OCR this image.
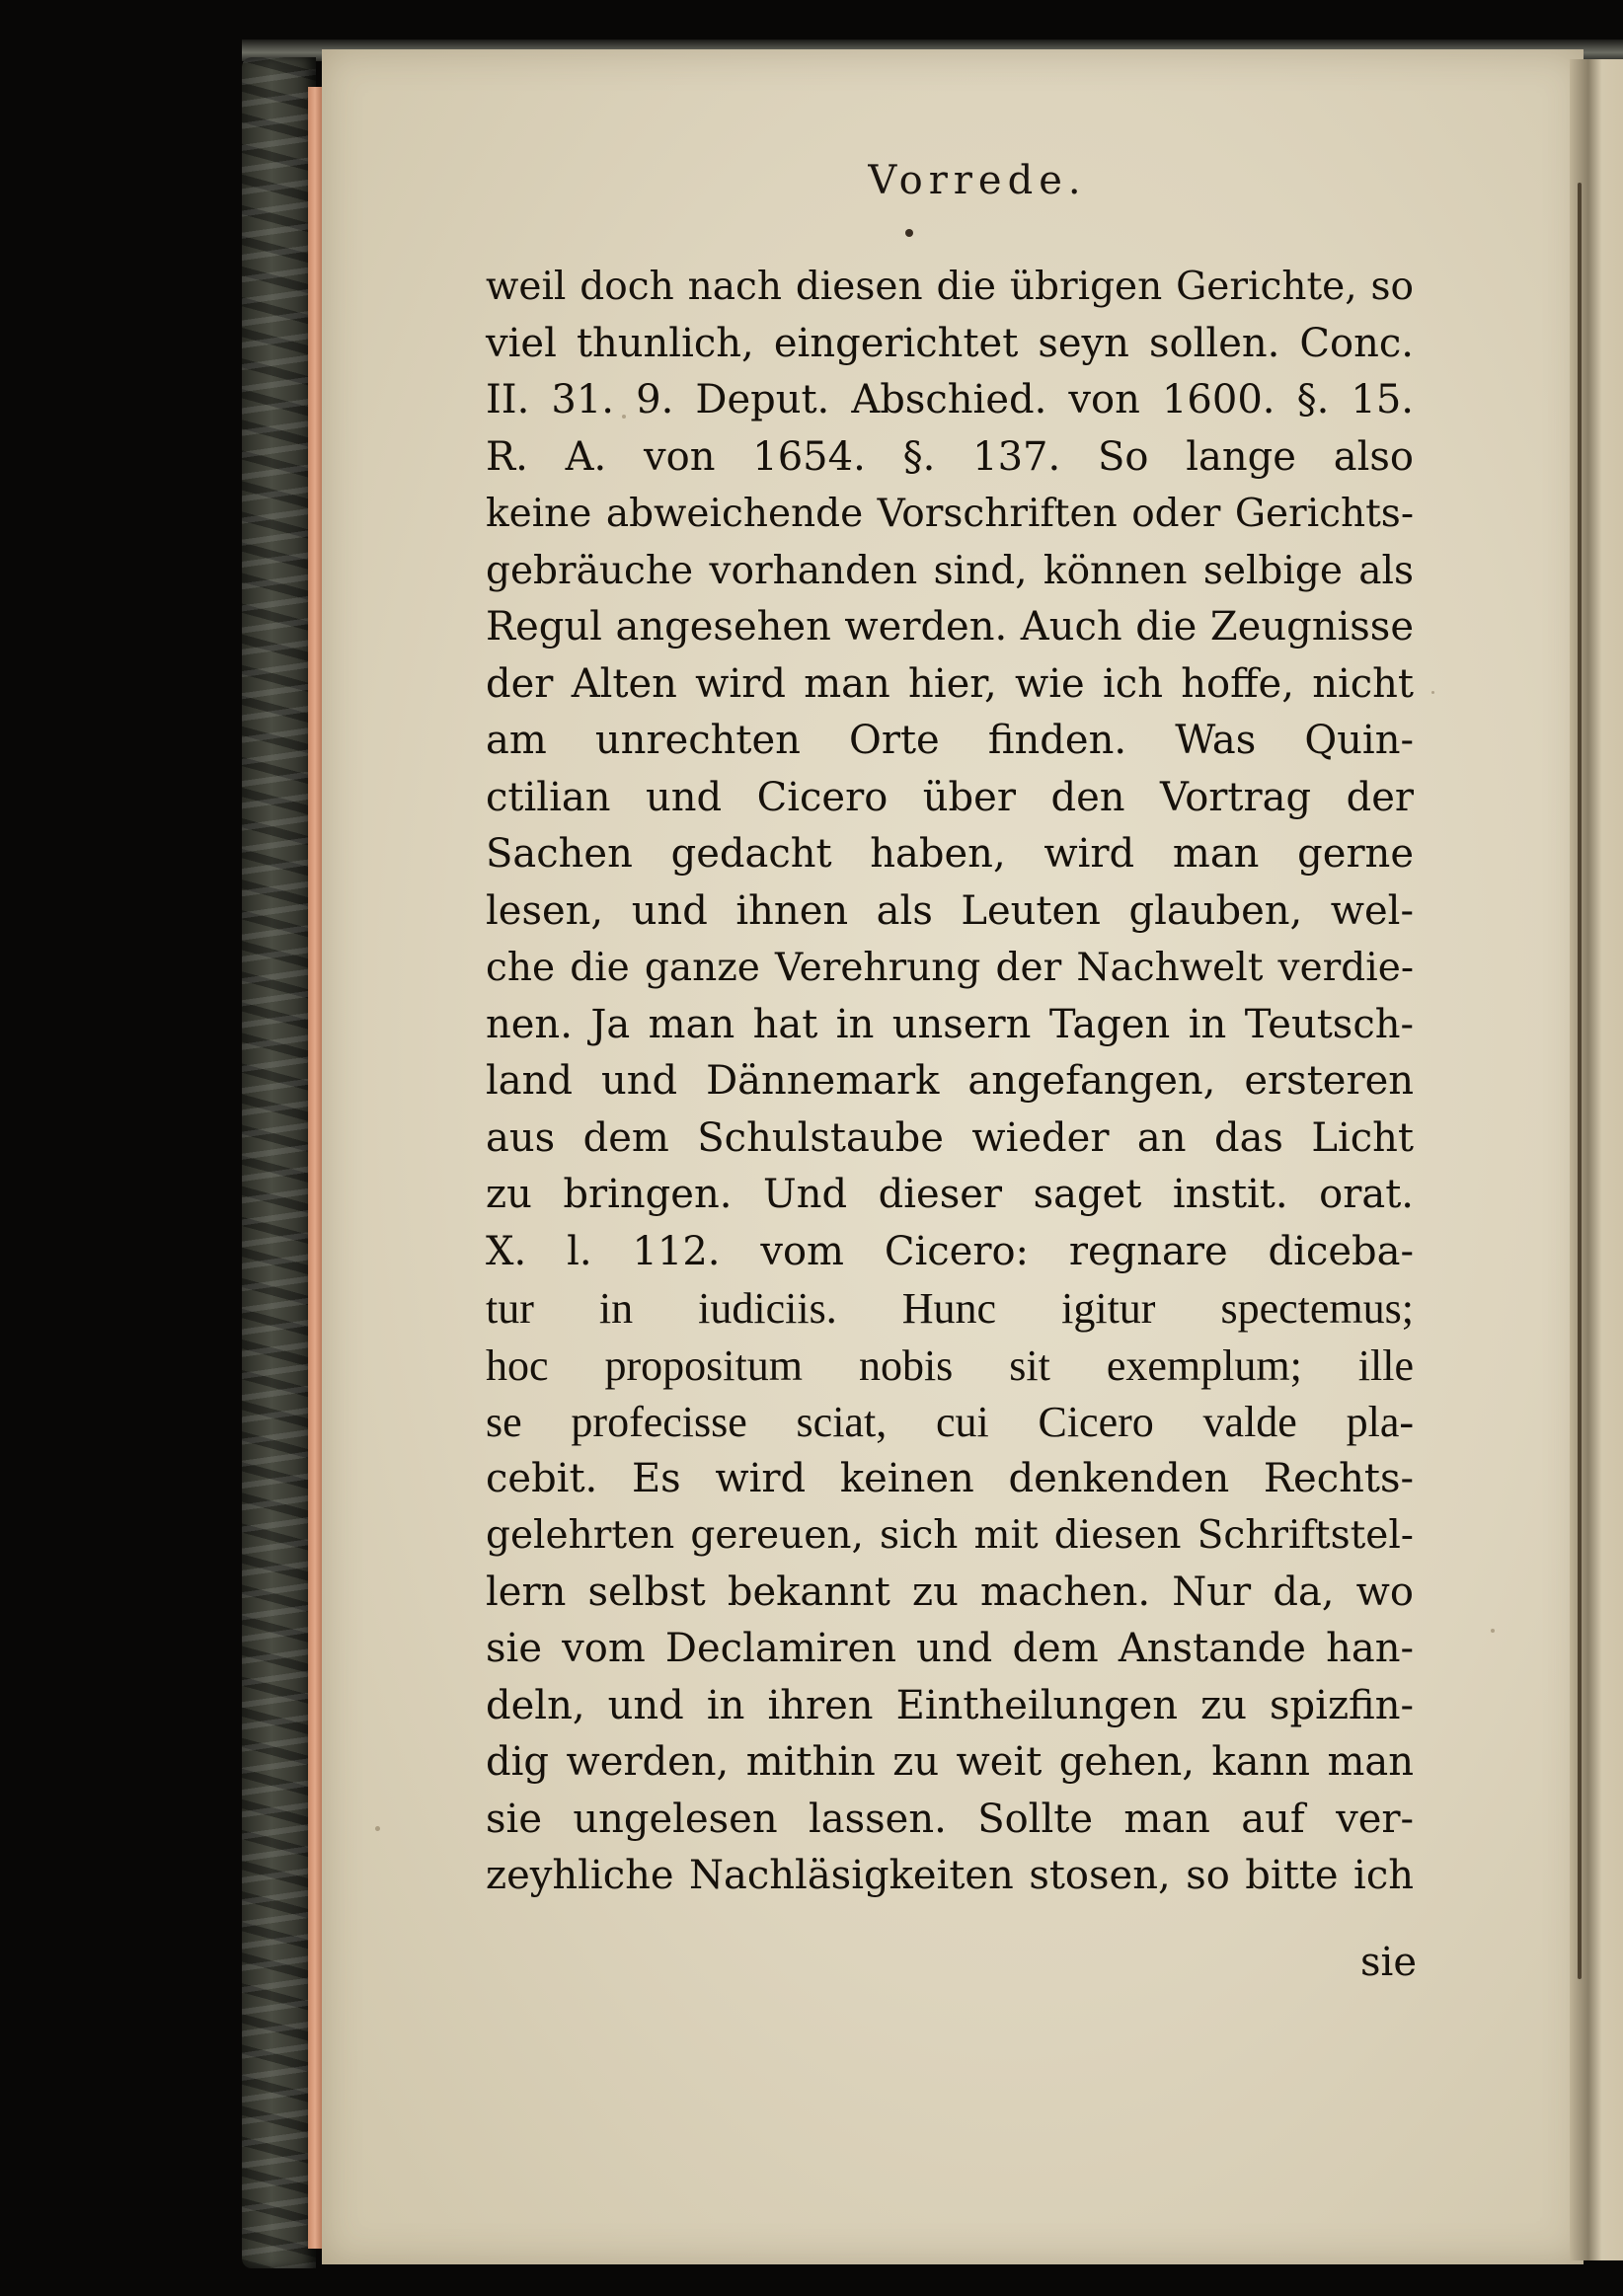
Vorrede.
weil doch nach diesen die übrigen Gerichte, so
viel thunlich, eingerichtet seyn sollen. Conc.
II. 31. 9. Deput. Abschied. von 1600. §. 15.
R. A. von 1654. §. 137. So lange also
keine abweichende Vorschriften oder Gerichts-
gebräuche vorhanden sind, können selbige als
Regul angesehen werden. Auch die Zeugnisse
der Alten wird man hier, wie ich hoffe, nicht
am unrechten Orte finden. Was Quin-
ctilian und Cicero über den Vortrag der
Sachen gedacht haben, wird man gerne
lesen, und ihnen als Leuten glauben, wel-
che die ganze Verehrung der Nachwelt verdie-
nen. Ja man hat in unsern Tagen in Teutsch-
land und Dännemark angefangen, ersteren
aus dem Schulstaube wieder an das Licht
zu bringen. Und dieser saget instit. orat.
X. l. 112. vom Cicero: regnare diceba-
tur in iudiciis. Hunc igitur spectemus;
hoc propositum nobis sit exemplum; ille
se profecisse sciat, cui Cicero valde pla-
cebit. Es wird keinen denkenden Rechts-
gelehrten gereuen, sich mit diesen Schriftstel-
lern selbst bekannt zu machen. Nur da, wo
sie vom Declamiren und dem Anstande han-
deln, und in ihren Eintheilungen zu spizfin-
dig werden, mithin zu weit gehen, kann man
sie ungelesen lassen. Sollte man auf ver-
zeyhliche Nachläsigkeiten stosen, so bitte ich
sie
